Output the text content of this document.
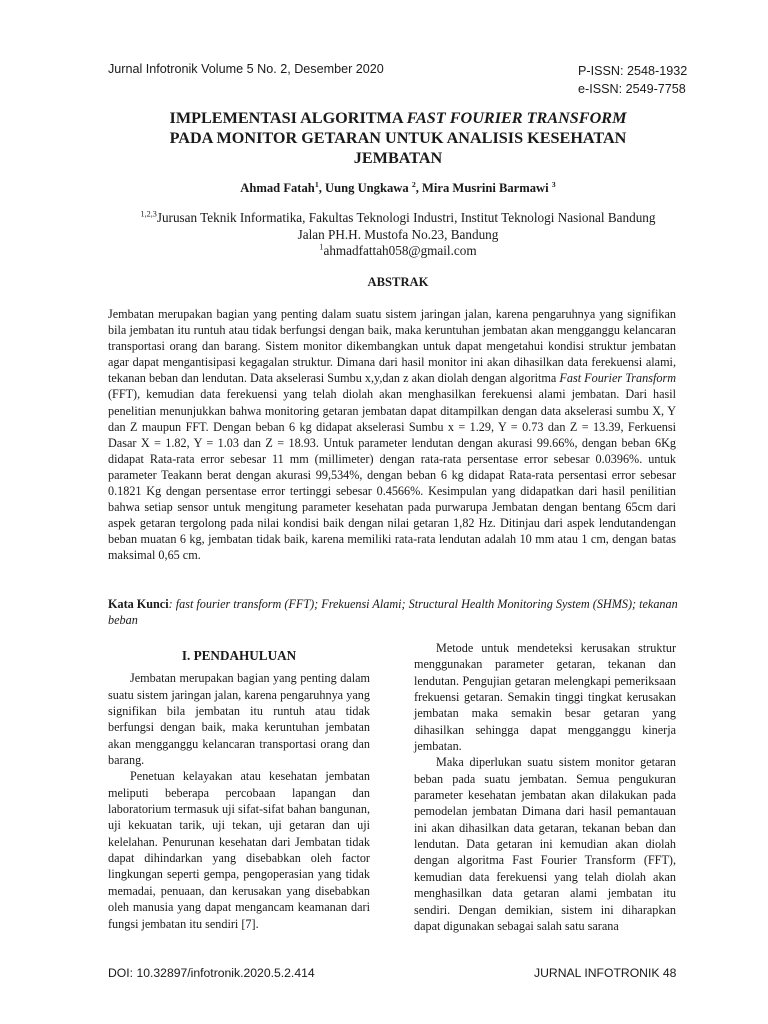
Jurnal Infotronik Volume 5 No. 2, Desember 2020	P-ISSN: 2548-1932
e-ISSN: 2549-7758
IMPLEMENTASI ALGORITMA FAST FOURIER TRANSFORM
PADA MONITOR GETARAN UNTUK ANALISIS KESEHATAN
JEMBATAN
Ahmad Fatah$^1$, Uung Ungkawa $^2$, Mira Musrini Barmawi $^3$
$^{1,2,3}$Jurusan Teknik Informatika, Fakultas Teknologi Industri, Institut Teknologi Nasional Bandung
Jalan PH.H. Mustofa No.23, Bandung
$^1$ahmadfattah058@gmail.com
ABSTRAK
Jembatan merupakan bagian yang penting dalam suatu sistem jaringan jalan, karena pengaruhnya yang signifikan bila jembatan itu runtuh atau tidak berfungsi dengan baik, maka keruntuhan jembatan akan mengganggu kelancaran transportasi orang dan barang. Sistem monitor dikembangkan untuk dapat mengetahui kondisi struktur jembatan agar dapat mengantisipasi kegagalan struktur. Dimana dari hasil monitor ini akan dihasilkan data ferekuensi alami, tekanan beban dan lendutan. Data akselerasi Sumbu x,y,dan z akan diolah dengan algoritma Fast Fourier Transform (FFT), kemudian data ferekuensi yang telah diolah akan menghasilkan ferekuensi alami jembatan. Dari hasil penelitian menunjukkan bahwa monitoring getaran jembatan dapat ditampilkan dengan data akselerasi sumbu X, Y dan Z maupun FFT. Dengan beban 6 kg didapat akselerasi Sumbu x = 1.29, Y = 0.73 dan Z = 13.39, Ferkuensi Dasar X = 1.82, Y = 1.03 dan Z = 18.93. Untuk parameter lendutan dengan akurasi 99.66%, dengan beban 6Kg didapat Rata-rata error sebesar 11 mm (millimeter) dengan rata-rata persentase error sebesar 0.0396%. untuk parameter Teakann berat dengan akurasi 99,534%, dengan beban 6 kg didapat Rata-rata persentasi error sebesar 0.1821 Kg dengan persentase error tertinggi sebesar 0.4566%. Kesimpulan yang didapatkan dari hasil penilitian bahwa setiap sensor untuk mengitung parameter kesehatan pada purwarupa Jembatan dengan bentang 65cm dari aspek getaran tergolong pada nilai kondisi baik dengan nilai getaran 1,82 Hz. Ditinjau dari aspek lendutandengan beban muatan 6 kg, jembatan tidak baik, karena memiliki rata-rata lendutan adalah 10 mm atau 1 cm, dengan batas maksimal 0,65 cm.
Kata Kunci: fast fourier transform (FFT); Frekuensi Alami; Structural Health Monitoring System (SHMS); tekanan beban
I. PENDAHULUAN

Jembatan merupakan bagian yang penting dalam suatu sistem jaringan jalan, karena pengaruhnya yang signifikan bila jembatan itu runtuh atau tidak berfungsi dengan baik, maka keruntuhan jembatan akan mengganggu kelancaran transportasi orang dan barang.

Penetuan kelayakan atau kesehatan jembatan meliputi beberapa percobaan lapangan dan laboratorium termasuk uji sifat-sifat bahan bangunan, uji kekuatan tarik, uji tekan, uji getaran dan uji kelelahan. Penurunan kesehatan dari Jembatan tidak dapat dihindarkan yang disebabkan oleh factor lingkungan seperti gempa, pengoperasian yang tidak memadai, penuaan, dan kerusakan yang disebabkan oleh manusia yang dapat mengancam keamanan dari fungsi jembatan itu sendiri [7].

Metode untuk mendeteksi kerusakan struktur menggunakan parameter getaran, tekanan dan lendutan. Pengujian getaran melengkapi pemeriksaan frekuensi getaran. Semakin tinggi tingkat kerusakan jembatan maka semakin besar getaran yang dihasilkan sehingga dapat mengganggu kinerja jembatan.

Maka diperlukan suatu sistem monitor getaran beban pada suatu jembatan. Semua pengukuran parameter kesehatan jembatan akan dilakukan pada pemodelan jembatan Dimana dari hasil pemantauan ini akan dihasilkan data getaran, tekanan beban dan lendutan. Data getaran ini kemudian akan diolah dengan algoritma Fast Fourier Transform (FFT), kemudian data ferekuensi yang telah diolah akan menghasilkan data getaran alami jembatan itu sendiri. Dengan demikian, sistem ini diharapkan dapat digunakan sebagai salah satu sarana

DOI: 10.32897/infotronik.2020.5.2.414	JURNAL INFOTRONIK 48
